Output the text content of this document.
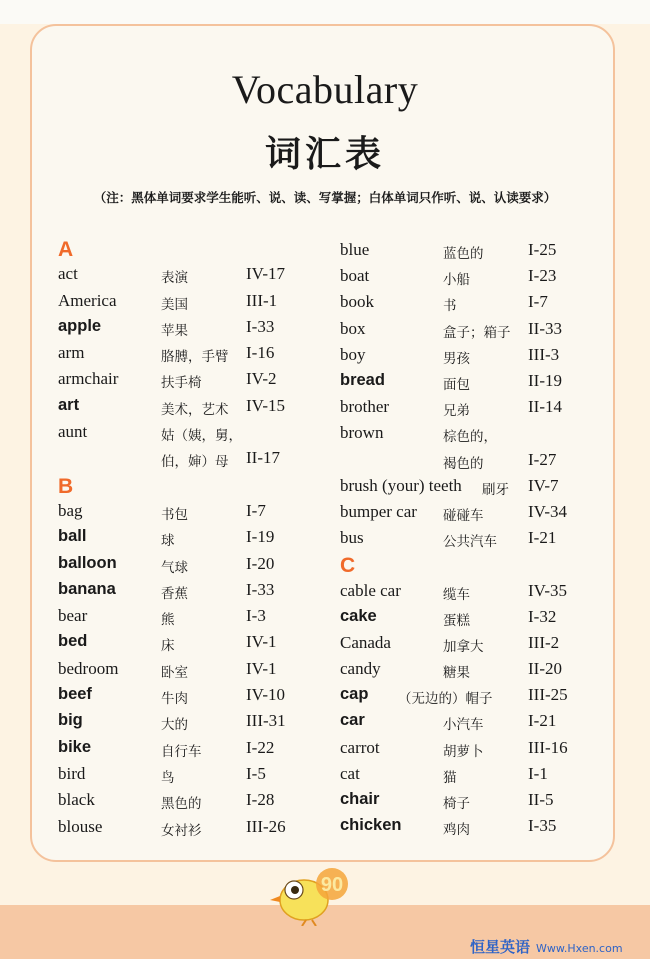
Vocabulary
词汇表
（注：黑体单词要求学生能听、说、读、写掌握；白体单词只作听、说、认读要求）
A
act	表演	IV-17
America	美国	III-1
apple	苹果	I-33
arm	胳膊，手臂 I-16
armchair	扶手椅	IV-2
art	美术，艺术 IV-15
aunt	姑（姨，舅，
伯，婶）母 II-17
B
bag	书包	I-7
ball	球	I-19
balloon	气球	I-20
banana	香蕉	I-33
bear	熊	I-3
bed	床	IV-1
bedroom	卧室	IV-1
beef	牛肉	IV-10
big	大的	III-31
bike	自行车	I-22
bird	鸟	I-5
black	黑色的	I-28
blouse	女衬衫	III-26
blue	蓝色的	I-25
boat	小船	I-23
book	书	I-7
box	盒子；箱子 II-33
boy	男孩	III-3
bread	面包	II-19
brother	兄弟	II-14
brown	棕色的，
褐色的	I-27
brush (your) teeth 刷牙 IV-7
bumper car 碰碰车	IV-34
bus	公共汽车 I-21
C
cable car	缆车	IV-35
cake	蛋糕	I-32
Canada	加拿大	III-2
candy	糖果	II-20
cap （无边的）帽子 III-25
car	小汽车	I-21
carrot	胡萝卜	III-16
cat	猫	I-1
chair	椅子	II-5
chicken	鸡肉	I-35
90
恒星英语 Www.Hxen.com
